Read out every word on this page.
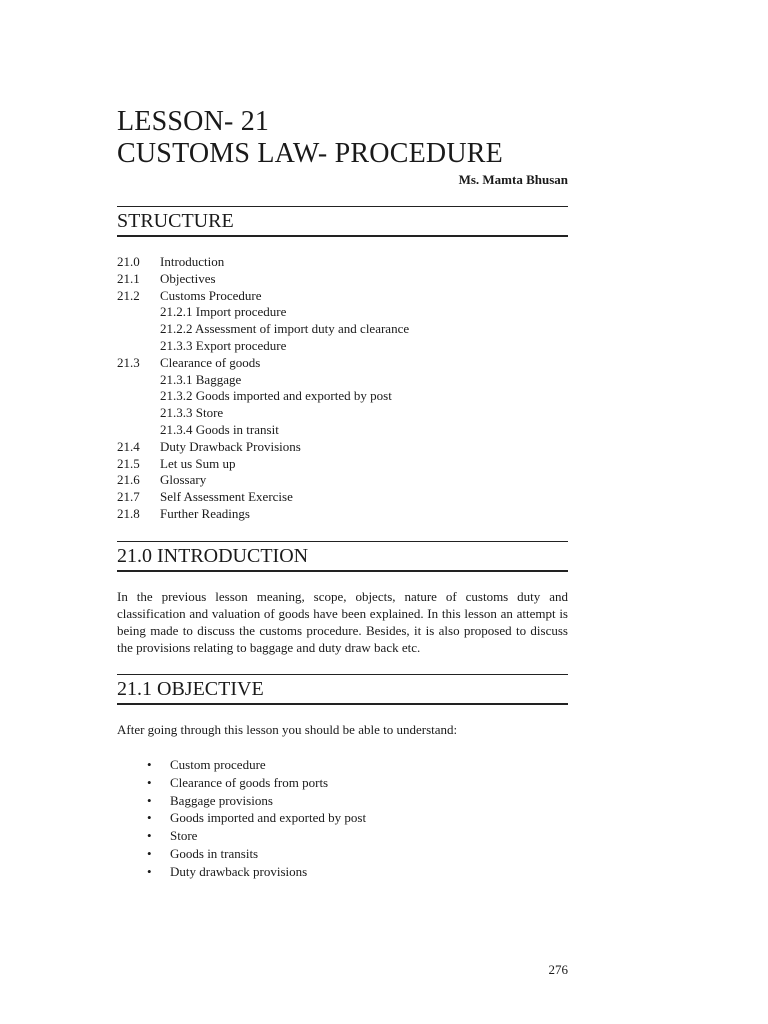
LESSON- 21
CUSTOMS LAW- PROCEDURE
Ms. Mamta Bhusan
STRUCTURE
21.0 Introduction
21.1 Objectives
21.2 Customs Procedure
21.2.1 Import procedure
21.2.2 Assessment of import duty and clearance
21.3.3 Export procedure
21.3 Clearance of goods
21.3.1 Baggage
21.3.2 Goods imported and exported by post
21.3.3 Store
21.3.4 Goods in transit
21.4 Duty Drawback Provisions
21.5 Let us Sum up
21.6 Glossary
21.7 Self Assessment Exercise
21.8 Further Readings
21.0 INTRODUCTION

In the previous lesson meaning, scope, objects, nature of customs duty and classification and valuation of goods have been explained. In this lesson an attempt is being made to discuss the customs procedure. Besides, it is also proposed to discuss the provisions relating to baggage and duty draw back etc.

21.1 OBJECTIVE

After going through this lesson you should be able to understand:

• Custom procedure
• Clearance of goods from ports
• Baggage provisions
• Goods imported and exported by post
• Store
• Goods in transits
• Duty drawback provisions
276
